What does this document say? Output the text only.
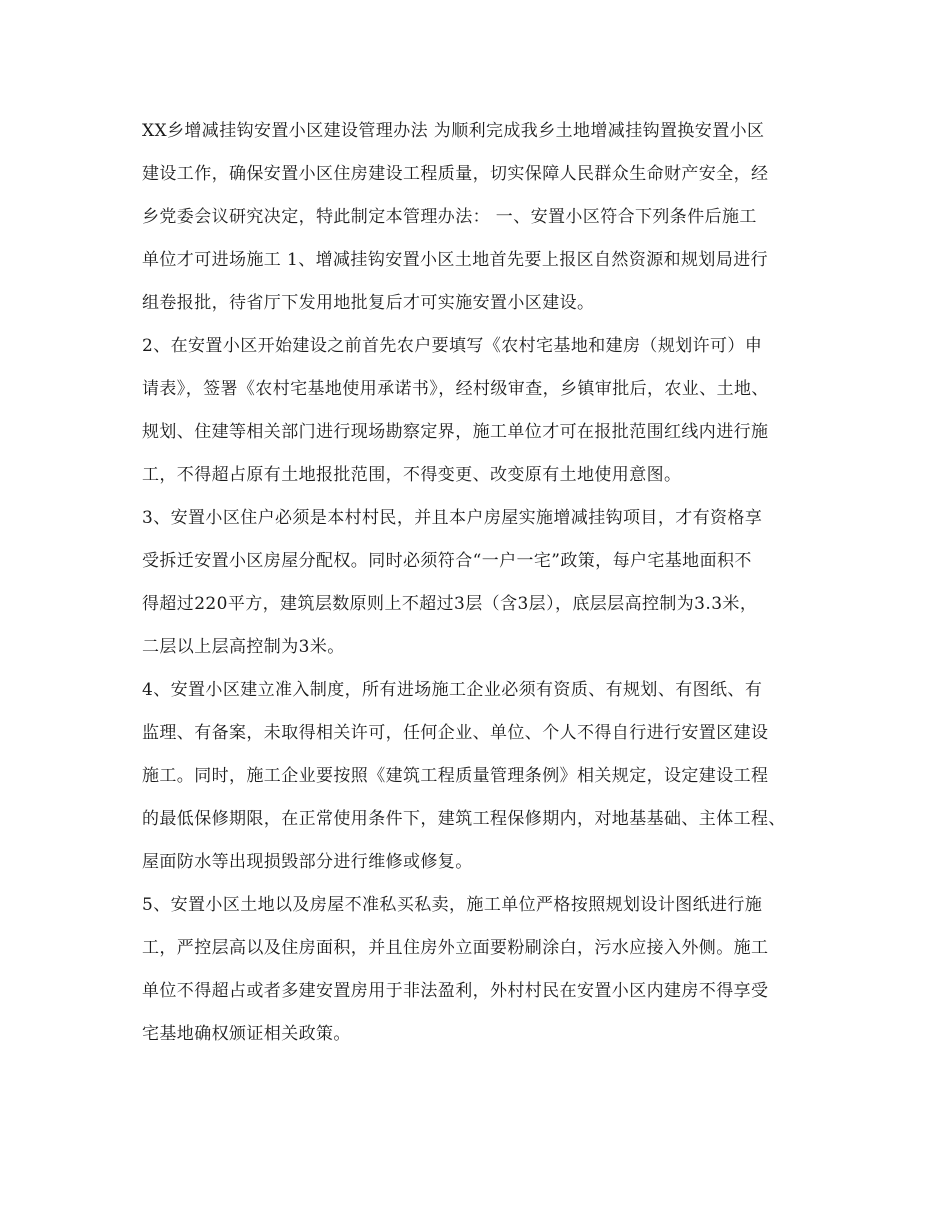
XX乡增减挂钩安置小区建设管理办法 为顺利完成我乡土地增减挂钩置换安置小区
建设工作，确保安置小区住房建设工程质量，切实保障人民群众生命财产安全，经
乡党委会议研究决定，特此制定本管理办法： 一、安置小区符合下列条件后施工
单位才可进场施工 1、增减挂钩安置小区土地首先要上报区自然资源和规划局进行
组卷报批，待省厅下发用地批复后才可实施安置小区建设。
2、在安置小区开始建设之前首先农户要填写《农村宅基地和建房（规划许可）申
请表》，签署《农村宅基地使用承诺书》，经村级审查，乡镇审批后，农业、土地、
规划、住建等相关部门进行现场勘察定界，施工单位才可在报批范围红线内进行施
工，不得超占原有土地报批范围，不得变更、改变原有土地使用意图。
3、安置小区住户必须是本村村民，并且本户房屋实施增减挂钩项目，才有资格享
受拆迁安置小区房屋分配权。同时必须符合“一户一宅”政策，每户宅基地面积不
得超过220平方，建筑层数原则上不超过3层（含3层），底层层高控制为3.3米，
二层以上层高控制为3米。
4、安置小区建立准入制度，所有进场施工企业必须有资质、有规划、有图纸、有
监理、有备案，未取得相关许可，任何企业、单位、个人不得自行进行安置区建设
施工。同时，施工企业要按照《建筑工程质量管理条例》相关规定，设定建设工程
的最低保修期限，在正常使用条件下，建筑工程保修期内，对地基基础、主体工程、
屋面防水等出现损毁部分进行维修或修复。
5、安置小区土地以及房屋不准私买私卖，施工单位严格按照规划设计图纸进行施
工，严控层高以及住房面积，并且住房外立面要粉刷涂白，污水应接入外侧。施工
单位不得超占或者多建安置房用于非法盈利，外村村民在安置小区内建房不得享受
宅基地确权颁证相关政策。
